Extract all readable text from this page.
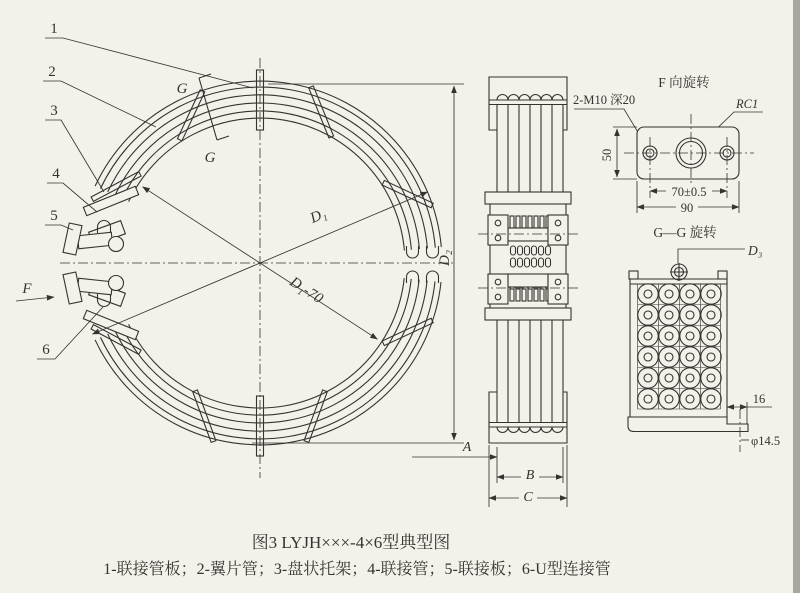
D₁
D₁-70
D₂
G
G
1
2
3
4
5
6
F
A
B
C
F 向旋转
2-M10 深20	RC1
50
70±0.5
90
G—G 旋转
D₃
16
φ14.5
图3 LYJH×××-4×6型典型图
1-联接管板；2-翼片管；3-盘状托架；4-联接管；5-联接板；6-U型连接管
